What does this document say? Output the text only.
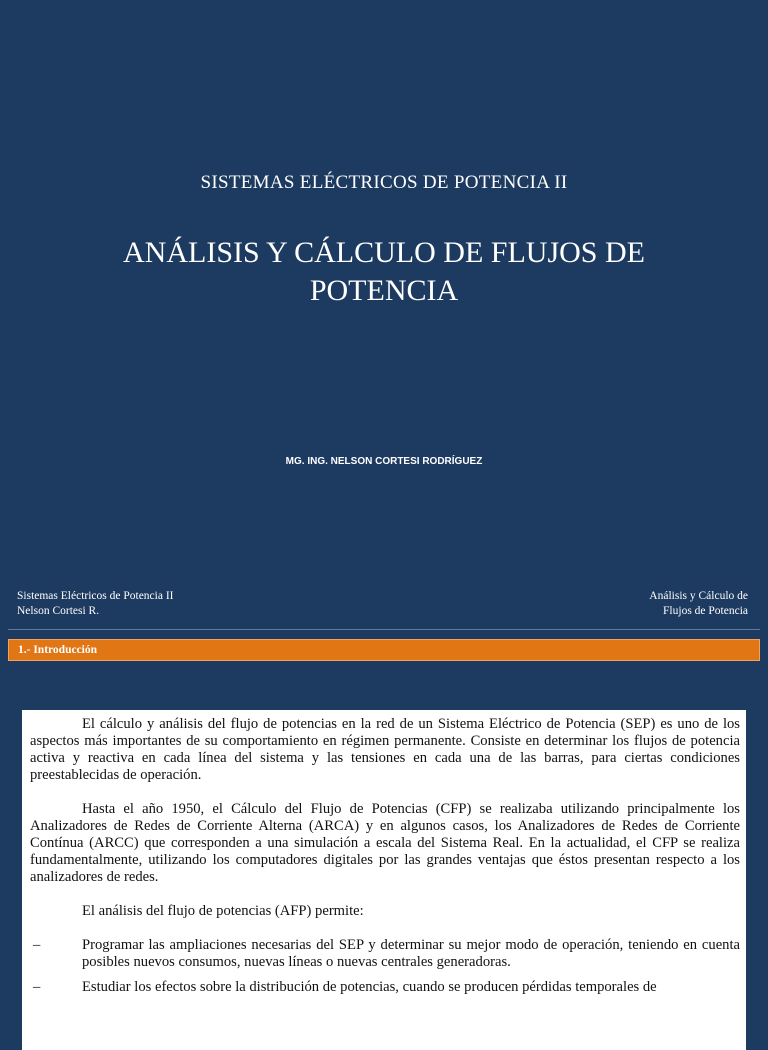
SISTEMAS ELÉCTRICOS DE POTENCIA II
ANÁLISIS Y CÁLCULO DE FLUJOS DE POTENCIA
MG. ING. NELSON CORTESI RODRÍGUEZ
Sistemas Eléctricos de Potencia II
Nelson Cortesi R.
Análisis y Cálculo de
Flujos de Potencia
1.- Introducción

El cálculo y análisis del flujo de potencias en la red de un Sistema Eléctrico de Potencia (SEP) es uno de los aspectos más importantes de su comportamiento en régimen permanente. Consiste en determinar los flujos de potencia activa y reactiva en cada línea del sistema y las tensiones en cada una de las barras, para ciertas condiciones preestablecidas de operación.

Hasta el año 1950, el Cálculo del Flujo de Potencias (CFP) se realizaba utilizando principalmente los Analizadores de Redes de Corriente Alterna (ARCA) y en algunos casos, los Analizadores de Redes de Corriente Contínua (ARCC) que corresponden a una simulación a escala del Sistema Real. En la actualidad, el CFP se realiza fundamentalmente, utilizando los computadores digitales por las grandes ventajas que éstos presentan respecto a los analizadores de redes.

El análisis del flujo de potencias (AFP) permite:

–	Programar las ampliaciones necesarias del SEP y determinar su mejor modo de operación, teniendo en cuenta posibles nuevos consumos, nuevas líneas o nuevas centrales generadoras.
–	Estudiar los efectos sobre la distribución de potencias, cuando se producen pérdidas temporales de
